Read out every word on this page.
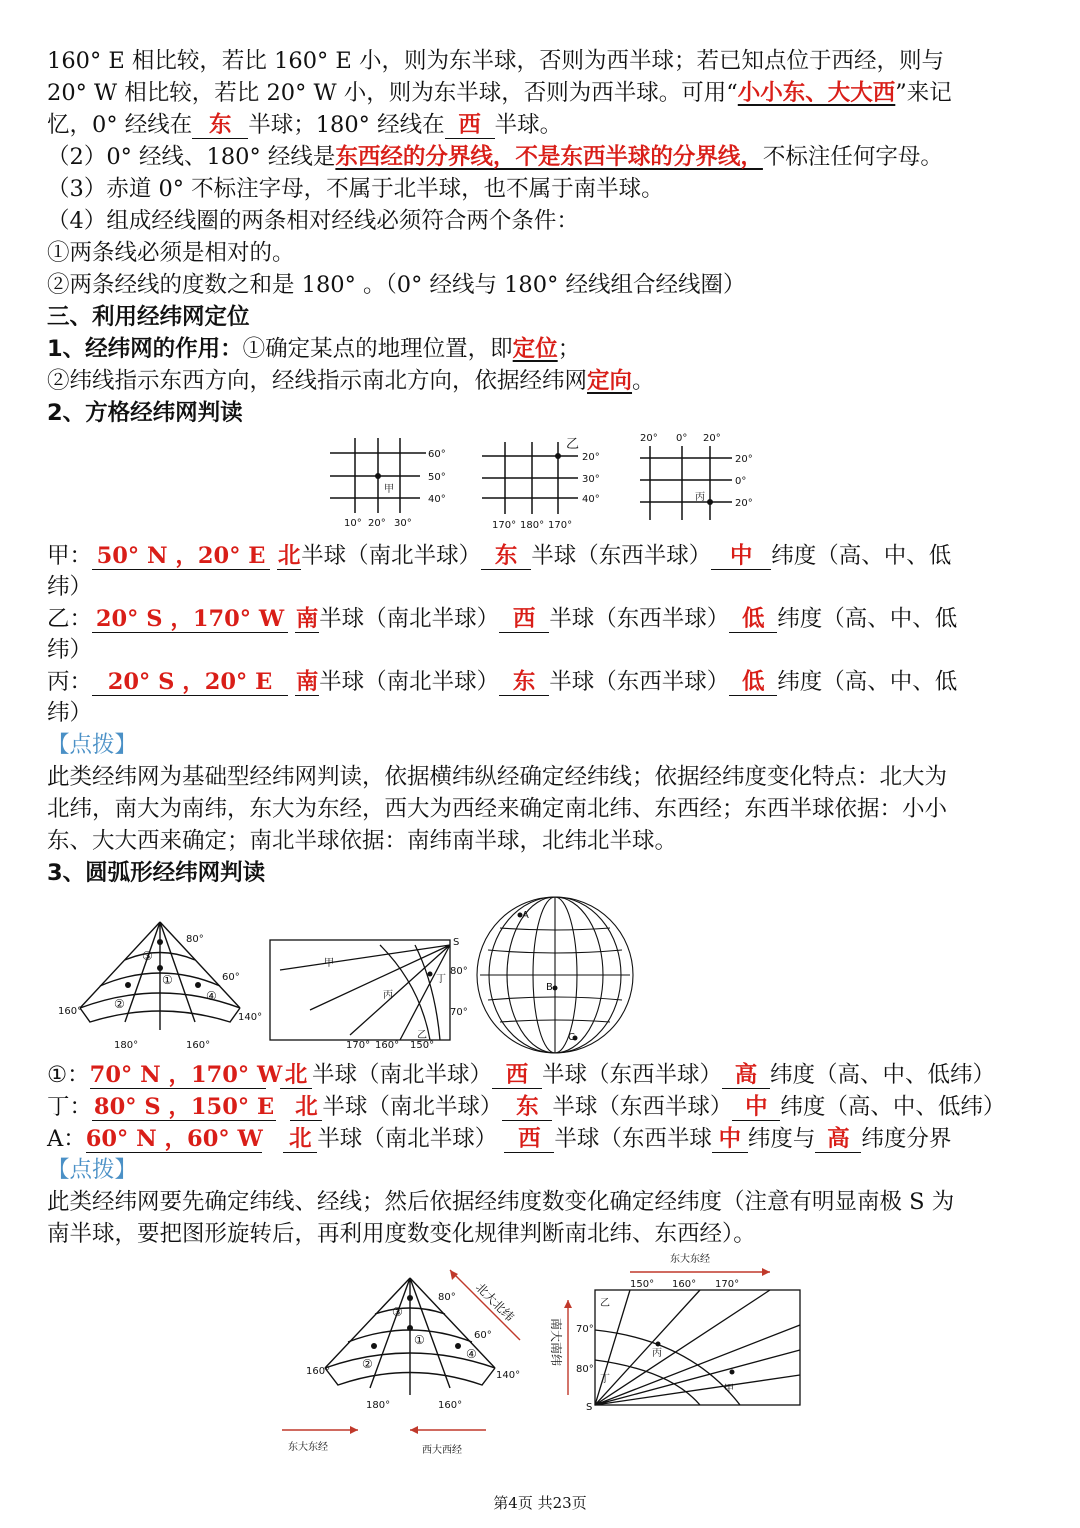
160° E 相比较，若比 160° E 小，则为东半球，否则为西半球；若已知点位于西经，则与
20° W 相比较，若比 20° W 小，则为东半球，否则为西半球。可用“小小东、大大西”来记
忆，0° 经线在 东 半球；180° 经线在 西 半球。
（2）0° 经线、180° 经线是东西经的分界线，不是东西半球的分界线，不标注任何字母。
（3）赤道 0° 不标注字母，不属于北半球，也不属于南半球。
（4）组成经线圈的两条相对经线必须符合两个条件：
①两条线必须是相对的。
②两条经线的度数之和是 180° 。（0° 经线与 180° 经线组合经线圈）
三、利用经纬网定位
1、经纬网的作用：①确定某点的地理位置，即定位；
②纬线指示东西方向，经线指示南北方向，依据经纬网定向。
2、方格经纬网判读
60°
50°
40°
10° 20° 30°
甲
乙
20°
30°
40°
170° 180° 170°
20° 0° 20°
20°
0°
20°
丙
甲： 50° N ，20° E 北半球（南北半球） 东 半球（东西半球） 中 纬度（高、中、低
纬）
乙： 20° S ，170° W 南半球（南北半球） 西 半球（东西半球） 低 纬度（高、中、低
纬）
丙： 20° S ，20° E 南半球（南北半球） 东 半球（东西半球） 低 纬度（高、中、低
纬）
【点拨】
此类经纬网为基础型经纬网判读，依据横纬纵经确定经纬线；依据经纬度变化特点：北大为
北纬，南大为南纬，东大为东经，西大为西经来确定南北纬、东西经；东西半球依据：小小
东、大大西来确定；南北半球依据：南纬南半球，北纬北半球。
3、圆弧形经纬网判读
③
①
②
④
80°
60°
160°
180°	160°
140°
S
80°
70°
170° 160° 150°
甲
乙
丙
丁
A
B
C
①：70° N ，170° W 北 半球（南北半球） 西 半球（东西半球） 高 纬度（高、中、低纬）
丁：80° S ，150° E 北 半球（南北半球） 东 半球（东西半球） 中 纬度（高、中、低纬）
A：60° N ，60° W 北 半球（南北半球） 西 半球（东西半球 中 纬度与 高 纬度分界
【点拨】
此类经纬网要先确定纬线、经线；然后依据经纬度数变化确定经纬度（注意有明显南极 S 为
南半球，要把图形旋转后，再利用度数变化规律判断南北纬、东西经）。
③
①
②
④
80°
60°
160°
180°	160°
140°
北大北纬
东大东经	西大西经
S
70°
80°
150° 160° 170°
乙
丙
甲
丁
东大东经
南大南纬
第4页 共23页
